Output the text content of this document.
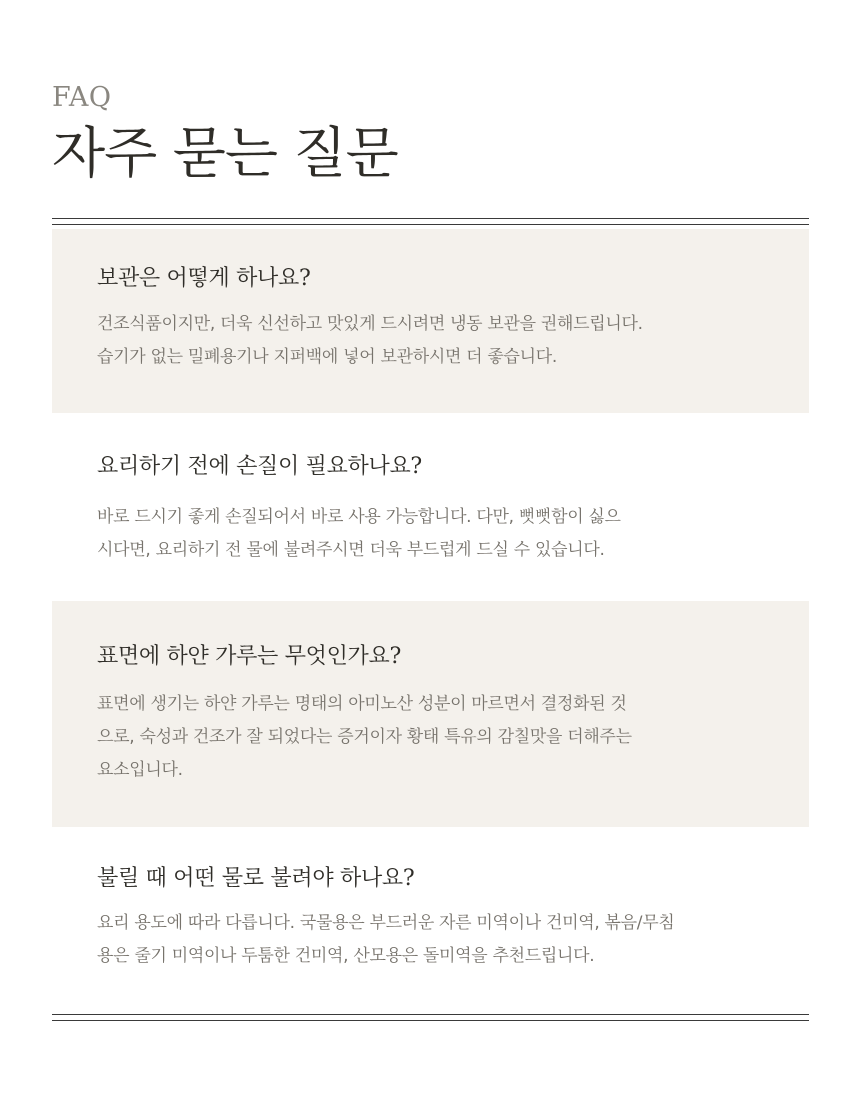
FAQ
자주 묻는 질문
보관은 어떻게 하나요?

건조식품이지만, 더욱 신선하고 맛있게 드시려면 냉동 보관을 권해드립니다.
습기가 없는 밀폐용기나 지퍼백에 넣어 보관하시면 더 좋습니다.

요리하기 전에 손질이 필요하나요?

바로 드시기 좋게 손질되어서 바로 사용 가능합니다. 다만, 뻣뻣함이 싫으
시다면, 요리하기 전 물에 불려주시면 더욱 부드럽게 드실 수 있습니다.

표면에 하얀 가루는 무엇인가요?

표면에 생기는 하얀 가루는 명태의 아미노산 성분이 마르면서 결정화된 것
으로, 숙성과 건조가 잘 되었다는 증거이자 황태 특유의 감칠맛을 더해주는
요소입니다.

불릴 때 어떤 물로 불려야 하나요?

요리 용도에 따라 다릅니다. 국물용은 부드러운 자른 미역이나 건미역, 볶음/무침
용은 줄기 미역이나 두툼한 건미역, 산모용은 돌미역을 추천드립니다.
